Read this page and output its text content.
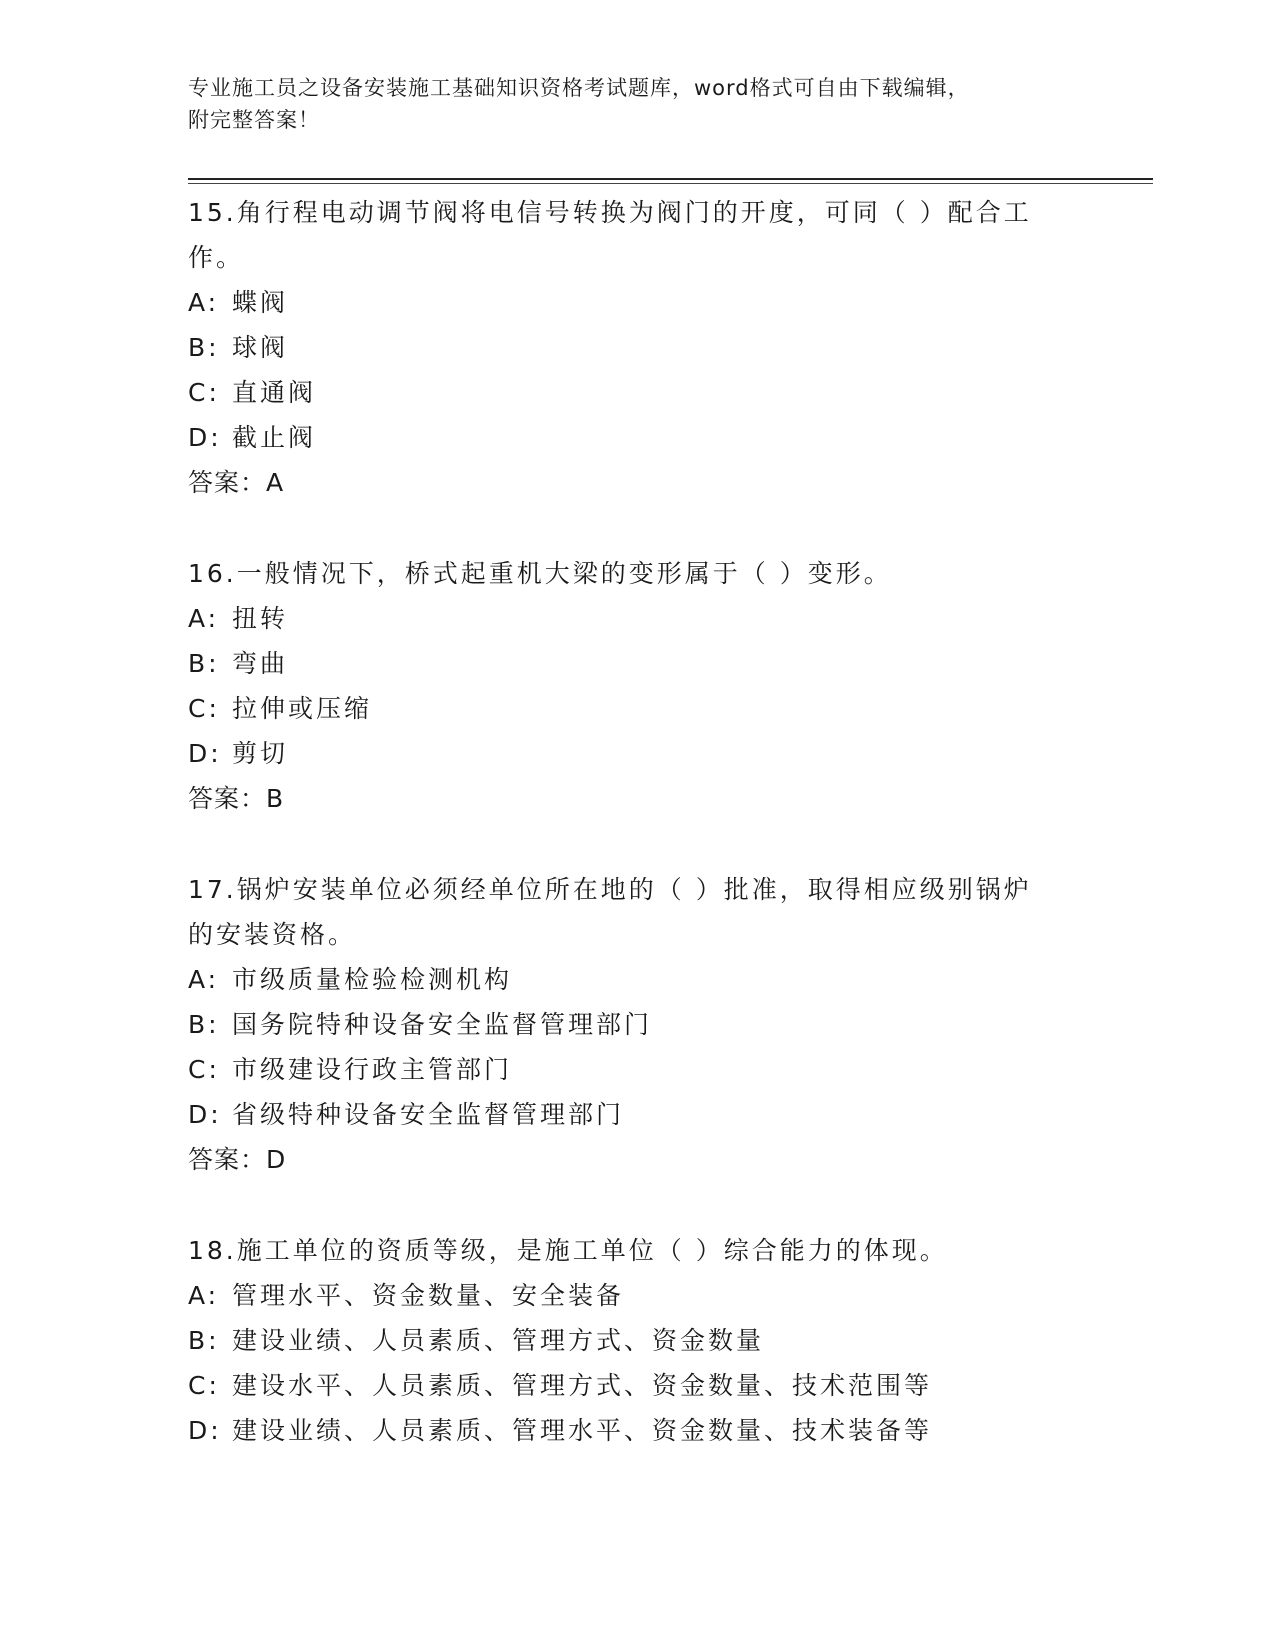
专业施工员之设备安装施工基础知识资格考试题库，word格式可自由下载编辑，
附完整答案！
15.角行程电动调节阀将电信号转换为阀门的开度，可同（ ）配合工
作。
A: 蝶阀
B: 球阀
C: 直通阀
D: 截止阀
答案：A
16.一般情况下，桥式起重机大梁的变形属于（ ）变形。
A: 扭转
B: 弯曲
C: 拉伸或压缩
D: 剪切
答案：B
17.锅炉安装单位必须经单位所在地的（ ）批准，取得相应级别锅炉
的安装资格。
A: 市级质量检验检测机构
B: 国务院特种设备安全监督管理部门
C: 市级建设行政主管部门
D: 省级特种设备安全监督管理部门
答案：D
18.施工单位的资质等级，是施工单位（ ）综合能力的体现。
A: 管理水平、资金数量、安全装备
B: 建设业绩、人员素质、管理方式、资金数量
C: 建设水平、人员素质、管理方式、资金数量、技术范围等
D: 建设业绩、人员素质、管理水平、资金数量、技术装备等
